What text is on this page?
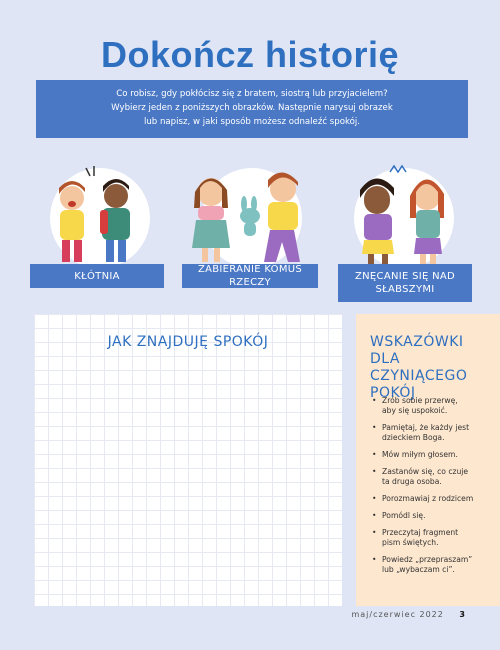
Dokończ historię
Co robisz, gdy pokłócisz się z bratem, siostrą lub przyjacielem?
Wybierz jeden z poniższych obrazków. Następnie narysuj obrazek
lub napisz, w jaki sposób możesz odnaleźć spokój.
KŁÓTNIA
ZABIERANIE KOMUŚ RZECZY
ZNĘCANIE SIĘ NAD
SŁABSZYMI
JAK ZNAJDUJĘ SPOKÓJ	WSKAZÓWKI
DLA CZYNIĄCEGO
POKÓJ
• Zrób sobie przerwę,
aby się uspokoić.
• Pamiętaj, że każdy jest
dzieckiem Boga.
• Mów miłym głosem.
• Zastanów się, co czuje
ta druga osoba.
• Porozmawiaj z rodzicem
• Pomódl się.
• Przeczytaj fragment
pism świętych.
• Powiedz „przepraszam”
lub „wybaczam ci”.
maj/czerwiec 2022 3
